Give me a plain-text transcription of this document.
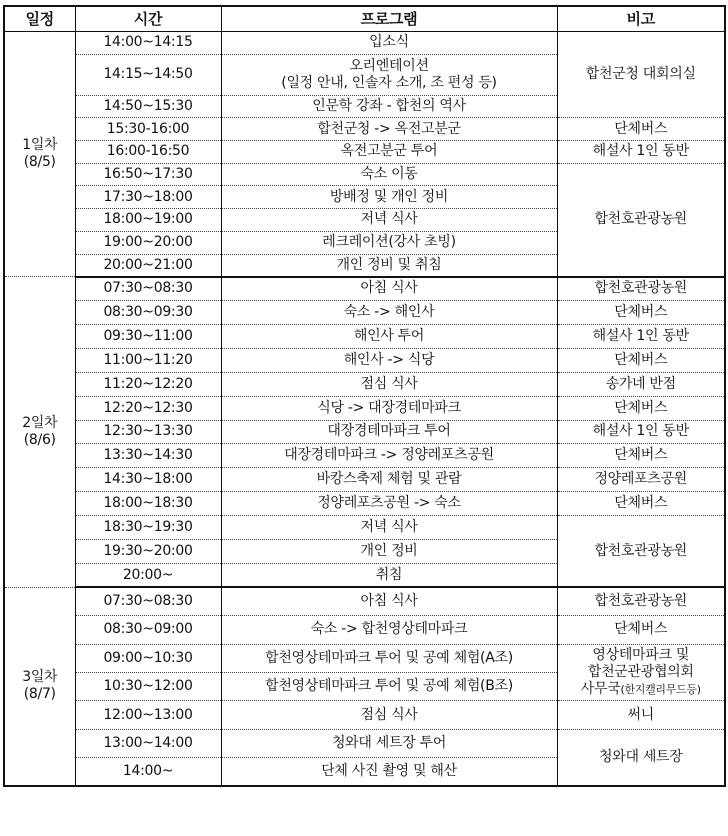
일정	시간	프로그램	비고

1일차
(8/5)	14:00~14:15	입소식	합천군청 대회의실

	14:15~14:50	오리엔테이션
(일정 안내, 인솔자 소개, 조 편성 등)	

	14:50~15:30	인문학 강좌 - 합천의 역사	

	15:30-16:00	합천군청 -> 옥전고분군	단체버스

	16:00-16:50	옥전고분군 투어	해설사 1인 동반

	16:50~17:30	숙소 이동	합천호관광농원

	17:30~18:00	방배정 및 개인 정비	

	18:00~19:00	저녁 식사	

	19:00~20:00	레크레이션(강사 초빙)	

	20:00~21:00	개인 정비 및 취침	

2일차
(8/6)	07:30~08:30	아침 식사	합천호관광농원

	08:30~09:30	숙소 -> 해인사	단체버스

	09:30~11:00	해인사 투어	해설사 1인 동반

	11:00~11:20	해인사 -> 식당	단체버스

	11:20~12:20	점심 식사	송가네 반점

	12:20~12:30	식당 -> 대장경테마파크	단체버스

	12:30~13:30	대장경테마파크 투어	해설사 1인 동반

	13:30~14:30	대장경테마파크 -> 정양레포츠공원	단체버스

	14:30~18:00	바캉스축제 체험 및 관람	정양레포츠공원

	18:00~18:30	정양레포츠공원 -> 숙소	단체버스

	18:30~19:30	저녁 식사	합천호관광농원

	19:30~20:00	개인 정비	

	20:00~	취침	

3일차
(8/7)	07:30~08:30	아침 식사	합천호관광농원

	08:30~09:00	숙소 -> 합천영상테마파크	단체버스

	09:00~10:30	합천영상테마파크 투어 및 공예 체험(A조)	영상테마파크 및
합천군관광협의회
사무국(한지캘리무드등)

	10:30~12:00	합천영상테마파크 투어 및 공예 체험(B조)	

	12:00~13:00	점심 식사	써니

	13:00~14:00	청와대 세트장 투어	청와대 세트장

	14:00~	단체 사진 촬영 및 해산	
